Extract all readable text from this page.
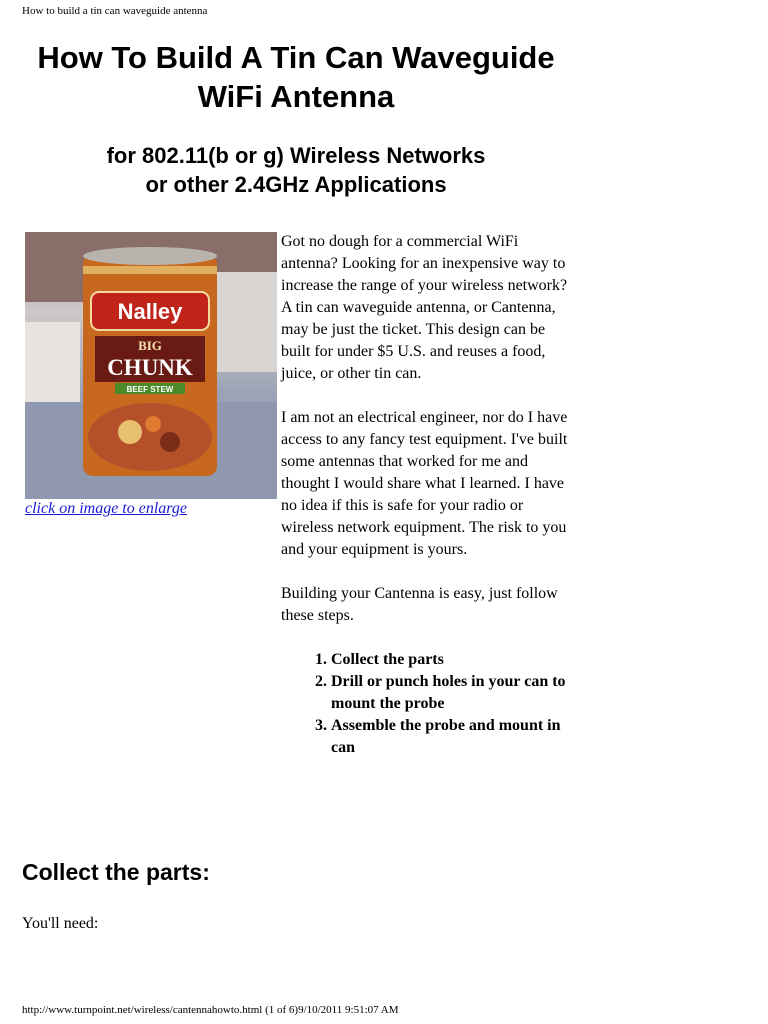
How to build a tin can waveguide antenna
How To Build A Tin Can Waveguide WiFi Antenna
for 802.11(b or g) Wireless Networks
or other 2.4GHz Applications
Nalley
BIG
CHUNK
BEEF STEW
click on image to enlarge

Got no dough for a commercial WiFi antenna? Looking for an inexpensive way to increase the range of your wireless network? A tin can waveguide antenna, or Cantenna, may be just the ticket. This design can be built for under $5 U.S. and reuses a food, juice, or other tin can.

I am not an electrical engineer, nor do I have access to any fancy test equipment. I've built some antennas that worked for me and thought I would share what I learned. I have no idea if this is safe for your radio or wireless network equipment. The risk to you and your equipment is yours.

Building your Cantenna is easy, just follow these steps.

1. Collect the parts
2. Drill or punch holes in your can to mount the probe
3. Assemble the probe and mount in can
Collect the parts:

You'll need:

http://www.turnpoint.net/wireless/cantennahowto.html (1 of 6)9/10/2011 9:51:07 AM
